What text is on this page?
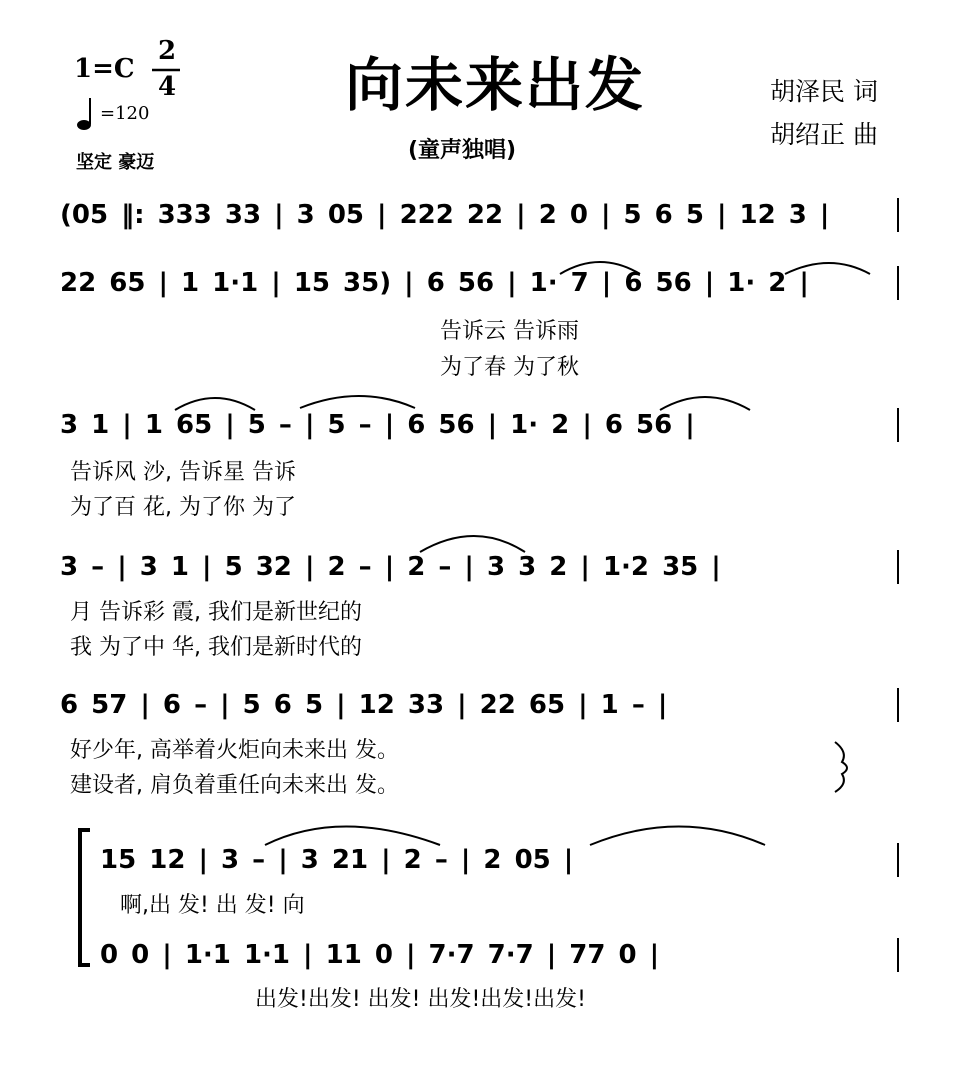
向未来出发
(童声独唱)
1=C
2
4
=120
坚定 豪迈
胡泽民 词
胡绍正 曲
(05 ‖: 333 33 | 3 05 | 222 22 | 2 0 | 5 6 5 | 12 3 |
22 65 | 1 1·1 | 15 35) | 6 56 | 1· 7 | 6 56 | 1· 2 |
告诉云 告诉雨
为了春 为了秋
3 1 | 1 65 | 5 – | 5 – | 6 56 | 1· 2 | 6 56 |
告诉风 沙, 告诉星 告诉
为了百 花, 为了你 为了
3 – | 3 1 | 5 32 | 2 – | 2 – | 3 3 2 | 1·2 35 |
月 告诉彩 霞, 我们是新世纪的
我 为了中 华, 我们是新时代的
6 57 | 6 – | 5 6 5 | 12 33 | 22 65 | 1 – |
好少年, 高举着火炬向未来出 发。
建设者, 肩负着重任向未来出 发。
15 12 | 3 – | 3 21 | 2 – | 2 05 |
啊,出 发! 出 发! 向
0 0 | 1·1 1·1 | 11 0 | 7·7 7·7 | 77 0 |
出发!出发! 出发! 出发!出发!出发!
